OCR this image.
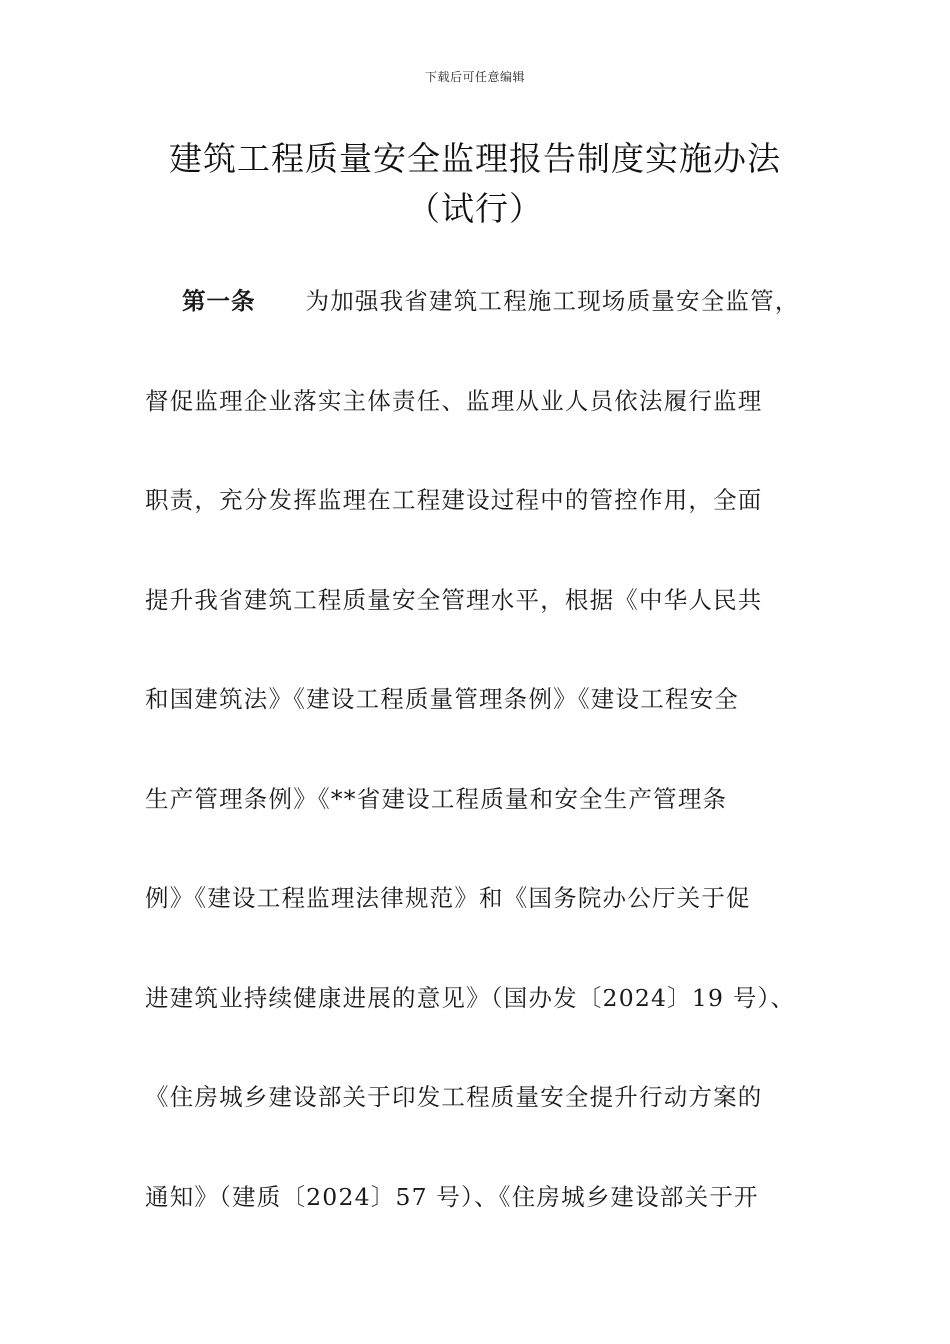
下载后可任意编辑
建筑工程质量安全监理报告制度实施办法
（试行）
第一条 为加强我省建筑工程施工现场质量安全监管，
督促监理企业落实主体责任、监理从业人员依法履行监理
职责，充分发挥监理在工程建设过程中的管控作用，全面
提升我省建筑工程质量安全管理水平，根据《中华人民共
和国建筑法》《建设工程质量管理条例》《建设工程安全
生产管理条例》《**省建设工程质量和安全生产管理条
例》《建设工程监理法律规范》和《国务院办公厅关于促
进建筑业持续健康进展的意见》（国办发〔2024〕19 号）、
《住房城乡建设部关于印发工程质量安全提升行动方案的
通知》（建质〔2024〕57 号）、《住房城乡建设部关于开
